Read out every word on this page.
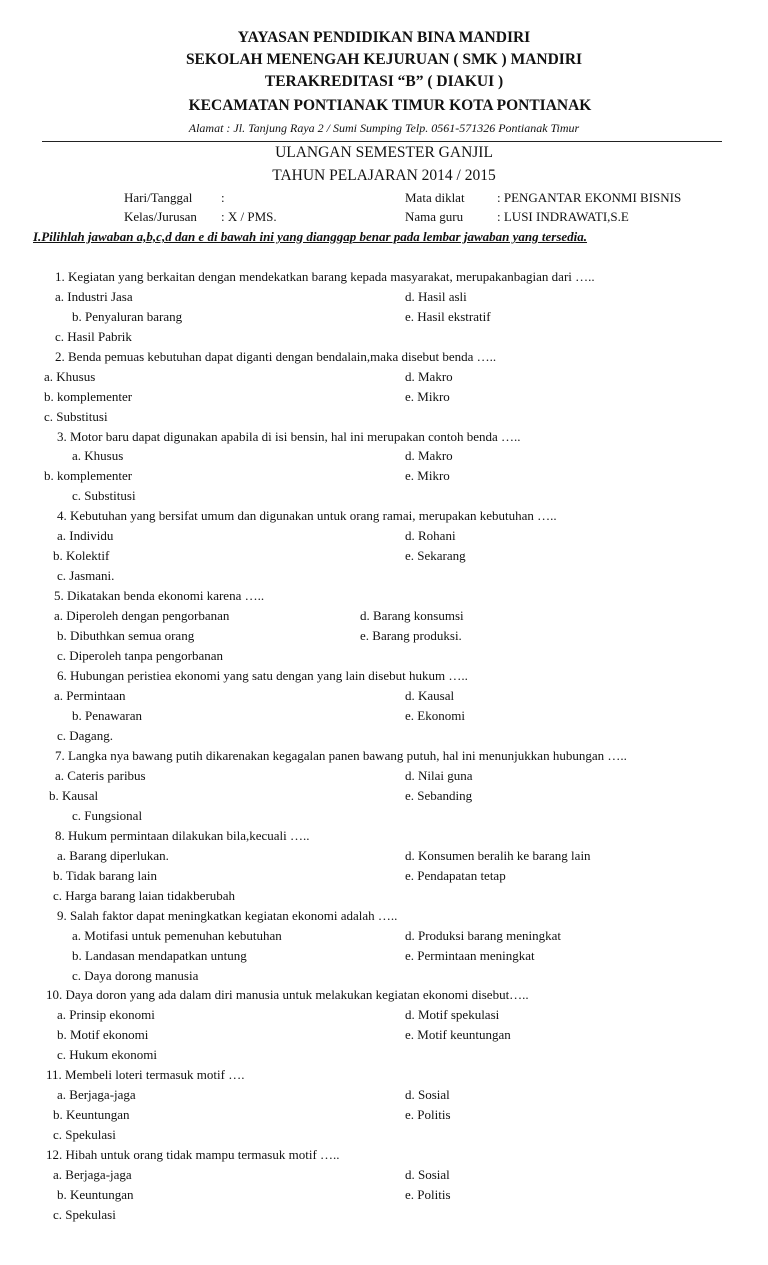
YAYASAN PENDIDIKAN BINA MANDIRI
SEKOLAH MENENGAH KEJURUAN ( SMK ) MANDIRI
TERAKREDITASI “B” ( DIAKUI )
KECAMATAN PONTIANAK TIMUR KOTA PONTIANAK
Alamat : Jl. Tanjung Raya 2 / Sumi Sumping Telp. 0561-571326 Pontianak Timur
ULANGAN SEMESTER GANJIL
TAHUN PELAJARAN 2014 / 2015
Hari/Tanggal :	Mata diklat : PENGANTAR EKONMI BISNIS
Kelas/Jurusan : X / PMS.	Nama guru	: LUSI INDRAWATI,S.E
I.Pilihlah jawaban a,b,c,d dan e di bawah ini yang dianggap benar pada lembar jawaban yang tersedia.
1. Kegiatan yang berkaitan dengan mendekatkan barang kepada masyarakat, merupakanbagian dari …..
a. Industri Jasa	d. Hasil asli
b. Penyaluran barang	e. Hasil ekstratif
c. Hasil Pabrik
2. Benda pemuas kebutuhan dapat diganti dengan bendalain,maka disebut benda …..
a. Khusus	d. Makro
b. komplementer	e. Mikro
c. Substitusi
3. Motor baru dapat digunakan apabila di isi bensin, hal ini merupakan contoh benda …..
a. Khusus	d. Makro
b. komplementer	e. Mikro
c. Substitusi
4. Kebutuhan yang bersifat umum dan digunakan untuk orang ramai, merupakan kebutuhan …..
a. Individu	d. Rohani
b. Kolektif	e. Sekarang
c. Jasmani.
5. Dikatakan benda ekonomi karena …..
a. Diperoleh dengan pengorbanan	d. Barang konsumsi
b. Dibuthkan semua orang	e. Barang produksi.
c. Diperoleh tanpa pengorbanan
6. Hubungan peristiea ekonomi yang satu dengan yang lain disebut hukum …..
a. Permintaan	d. Kausal
b. Penawaran	e. Ekonomi
c. Dagang.
7. Langka nya bawang putih dikarenakan kegagalan panen bawang putuh, hal ini menunjukkan hubungan …..
a. Cateris paribus	d. Nilai guna
b. Kausal	e. Sebanding
c. Fungsional
8. Hukum permintaan dilakukan bila,kecuali …..
a. Barang diperlukan.	d. Konsumen beralih ke barang lain
b. Tidak barang lain	e. Pendapatan tetap
c. Harga barang laian tidakberubah
9. Salah faktor dapat meningkatkan kegiatan ekonomi adalah …..
a. Motifasi untuk pemenuhan kebutuhan	d. Produksi barang meningkat
b. Landasan mendapatkan untung	e. Permintaan meningkat
c. Daya dorong manusia
10. Daya doron yang ada dalam diri manusia untuk melakukan kegiatan ekonomi disebut…..
a. Prinsip ekonomi	d. Motif spekulasi
b. Motif ekonomi	e. Motif keuntungan
c. Hukum ekonomi
11. Membeli loteri termasuk motif ….
a. Berjaga-jaga	d. Sosial
b. Keuntungan	e. Politis
c. Spekulasi
12. Hibah untuk orang tidak mampu termasuk motif …..
a. Berjaga-jaga	d. Sosial
b. Keuntungan	e. Politis
c. Spekulasi
